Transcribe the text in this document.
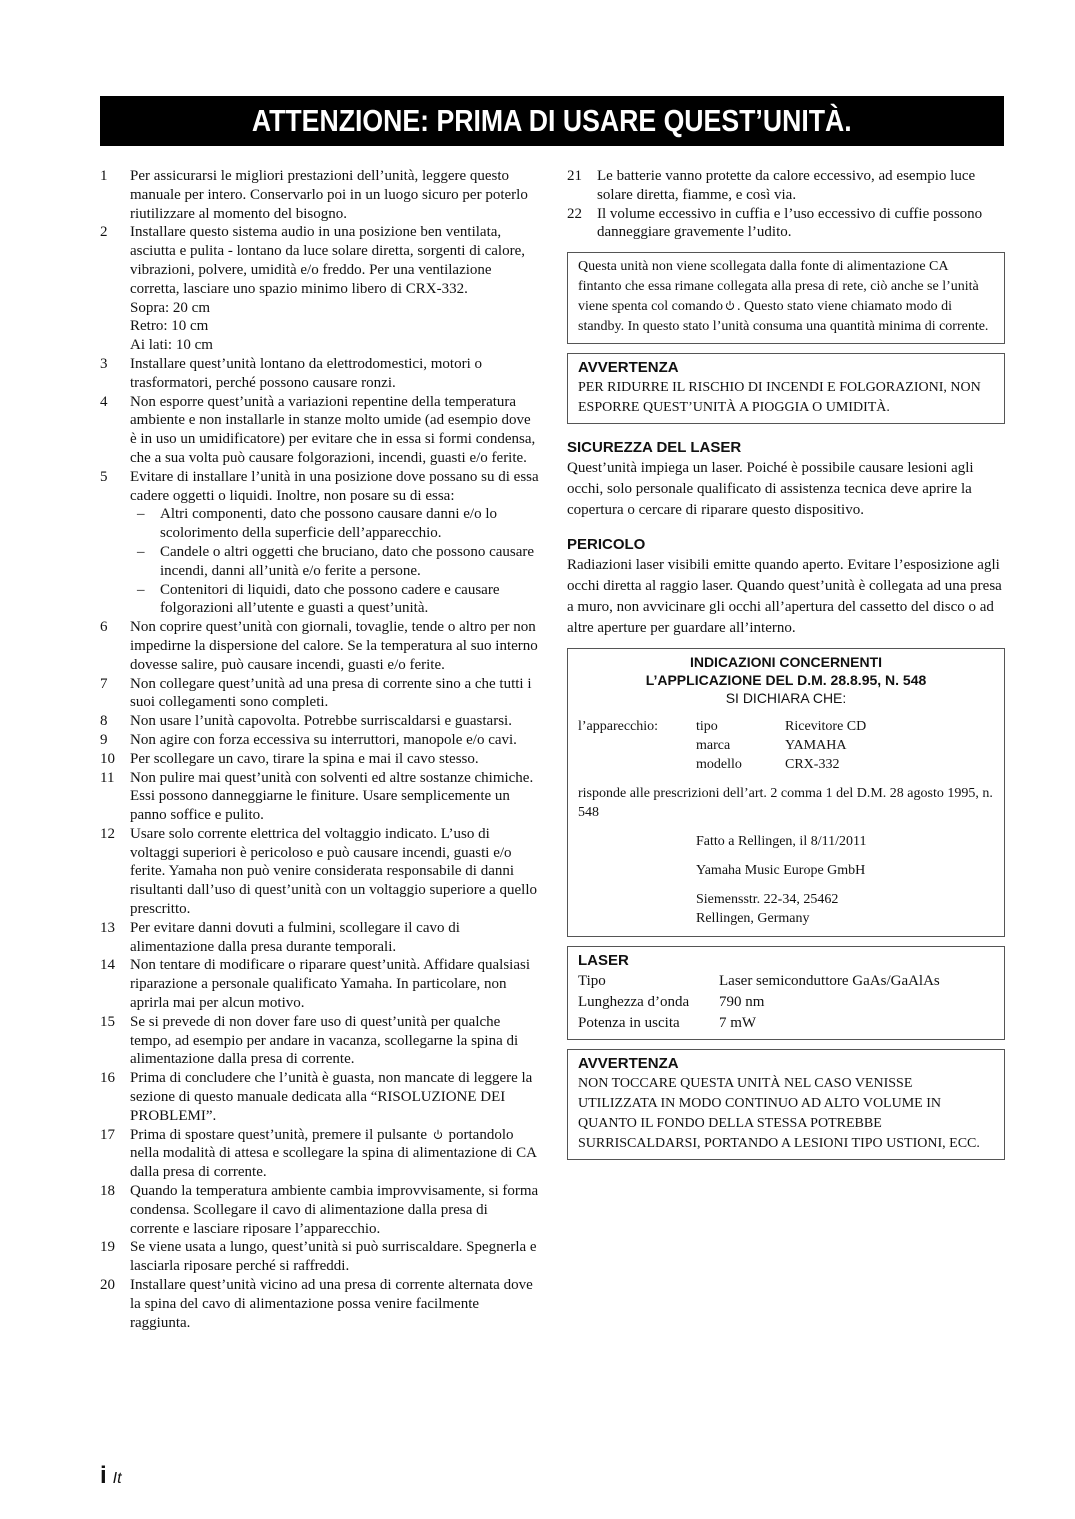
ATTENZIONE: PRIMA DI USARE QUEST’UNITÀ.
1	Per assicurarsi le migliori prestazioni dell’unità, leggere questo manuale per intero. Conservarlo poi in un luogo sicuro per poterlo riutilizzare al momento del bisogno.
2	Installare questo sistema audio in una posizione ben ventilata, asciutta e pulita - lontano da luce solare diretta, sorgenti di calore, vibrazioni, polvere, umidità e/o freddo. Per una ventilazione corretta, lasciare uno spazio minimo libero di CRX-332.
Sopra: 20 cm
Retro: 10 cm
Ai lati: 10 cm
3	Installare quest’unità lontano da elettrodomestici, motori o trasformatori, perché possono causare ronzi.
4	Non esporre quest’unità a variazioni repentine della temperatura ambiente e non installarle in stanze molto umide (ad esempio dove è in uso un umidificatore) per evitare che in essa si formi condensa, che a sua volta può causare folgorazioni, incendi, guasti e/o ferite.
5	Evitare di installare l’unità in una posizione dove possano su di essa cadere oggetti o liquidi. Inoltre, non posare su di essa:
–	Altri componenti, dato che possono causare danni e/o lo scolorimento della superficie dell’apparecchio.
–	Candele o altri oggetti che bruciano, dato che possono causare incendi, danni all’unità e/o ferite a persone.
–	Contenitori di liquidi, dato che possono cadere e causare folgorazioni all’utente e guasti a quest’unità.
6	Non coprire quest’unità con giornali, tovaglie, tende o altro per non impedirne la dispersione del calore. Se la temperatura al suo interno dovesse salire, può causare incendi, guasti e/o ferite.
7	Non collegare quest’unità ad una presa di corrente sino a che tutti i suoi collegamenti sono completi.
8	Non usare l’unità capovolta. Potrebbe surriscaldarsi e guastarsi.
9	Non agire con forza eccessiva su interruttori, manopole e/o cavi.
10	Per scollegare un cavo, tirare la spina e mai il cavo stesso.
11	Non pulire mai quest’unità con solventi ed altre sostanze chimiche. Essi possono danneggiarne le finiture. Usare semplicemente un panno soffice e pulito.
12	Usare solo corrente elettrica del voltaggio indicato. L’uso di voltaggi superiori è pericoloso e può causare incendi, guasti e/o ferite. Yamaha non può venire considerata responsabile di danni risultanti dall’uso di quest’unità con un voltaggio superiore a quello prescritto.
13	Per evitare danni dovuti a fulmini, scollegare il cavo di alimentazione dalla presa durante temporali.
14	Non tentare di modificare o riparare quest’unità. Affidare qualsiasi riparazione a personale qualificato Yamaha. In particolare, non aprirla mai per alcun motivo.
15	Se si prevede di non dover fare uso di quest’unità per qualche tempo, ad esempio per andare in vacanza, scollegarne la spina di alimentazione dalla presa di corrente.
16	Prima di concludere che l’unità è guasta, non mancate di leggere la sezione di questo manuale dedicata alla “RISOLUZIONE DEI PROBLEMI”.
17	Prima di spostare quest’unità, premere il pulsante portandolo nella modalità di attesa e scollegare la spina di alimentazione di CA dalla presa di corrente.
18	Quando la temperatura ambiente cambia improvvisamente, si forma condensa. Scollegare il cavo di alimentazione dalla presa di corrente e lasciare riposare l’apparecchio.
19	Se viene usata a lungo, quest’unità si può surriscaldare. Spegnerla e lasciarla riposare perché si raffreddi.
20	Installare quest’unità vicino ad una presa di corrente alternata dove la spina del cavo di alimentazione possa venire facilmente raggiunta.
21	Le batterie vanno protette da calore eccessivo, ad esempio luce solare diretta, fiamme, e così via.
22	Il volume eccessivo in cuffia e l’uso eccessivo di cuffie possono danneggiare gravemente l’udito.
Questa unità non viene scollegata dalla fonte di alimentazione CA fintanto che essa rimane collegata alla presa di rete, ciò anche se l’unità viene spenta col comando . Questo stato viene chiamato modo di standby. In questo stato l’unità consuma una quantità minima di corrente.
AVVERTENZA
PER RIDURRE IL RISCHIO DI INCENDI E FOLGORAZIONI, NON ESPORRE QUEST’UNITÀ A PIOGGIA O UMIDITÀ.
SICUREZZA DEL LASER
Quest’unità impiega un laser. Poiché è possibile causare lesioni agli occhi, solo personale qualificato di assistenza tecnica deve aprire la copertura o cercare di riparare questo dispositivo.
PERICOLO
Radiazioni laser visibili emitte quando aperto. Evitare l’esposizione agli occhi diretta al raggio laser. Quando quest’unità è collegata ad una presa a muro, non avvicinare gli occhi all’apertura del cassetto del disco o ad altre aperture per guardare all’interno.
INDICAZIONI CONCERNENTI
L’APPLICAZIONE DEL D.M. 28.8.95, N. 548
SI DICHIARA CHE:
l’apparecchio:	tipo	Ricevitore CD
marca	YAMAHA
modello	CRX-332
risponde alle prescrizioni dell’art. 2 comma 1 del D.M. 28 agosto 1995, n. 548
Fatto a Rellingen, il 8/11/2011
Yamaha Music Europe GmbH
Siemensstr. 22-34, 25462
Rellingen, Germany
LASER
Tipo	Laser semiconduttore GaAs/GaAlAs
Lunghezza d’onda	790 nm
Potenza in uscita	7 mW
AVVERTENZA
NON TOCCARE QUESTA UNITÀ NEL CASO VENISSE UTILIZZATA IN MODO CONTINUO AD ALTO VOLUME IN QUANTO IL FONDO DELLA STESSA POTREBBE SURRISCALDARSI, PORTANDO A LESIONI TIPO USTIONI, ECC.
i It
